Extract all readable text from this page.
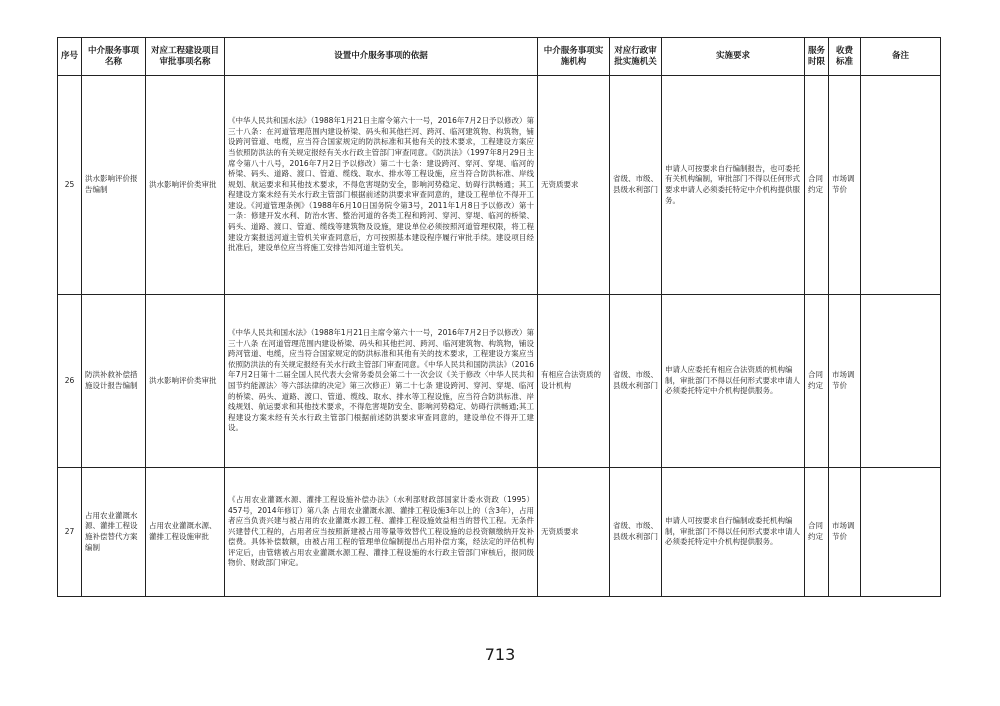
序号	中介服务事项名称	对应工程建设项目审批事项名称	设置中介服务事项的依据	中介服务事项实施机构	对应行政审批实施机关	实施要求	服务时限	收费标准	备注
25	洪水影响评价报告编制	洪水影响评价类审批	《中华人民共和国水法》（1988年1月21日主席令第六十一号，2016年7月2日予以修改）第三十八条：在河道管理范围内建设桥梁、码头和其他拦河、跨河、临河建筑物、构筑物，铺设跨河管道、电缆，应当符合国家规定的防洪标准和其他有关的技术要求，工程建设方案应当依照防洪法的有关规定报经有关水行政主管部门审查同意。《防洪法》（1997年8月29日主席令第八十八号，2016年7月2日予以修改）第二十七条：建设跨河、穿河、穿堤、临河的桥梁、码头、道路、渡口、管道、缆线、取水、排水等工程设施，应当符合防洪标准、岸线规划、航运要求和其他技术要求，不得危害堤防安全，影响河势稳定、妨碍行洪畅通；其工程建设方案未经有关水行政主管部门根据前述防洪要求审查同意的，建设工程单位不得开工建设。《河道管理条例》（1988年6月10日国务院令第3号，2011年1月8日予以修改）第十一条：修建开发水利、防治水害、整治河道的各类工程和跨河、穿河、穿堤、临河的桥梁、码头、道路、渡口、管道、缆线等建筑物及设施，建设单位必须按照河道管理权限，将工程建设方案报送河道主管机关审查同意后，方可按照基本建设程序履行审批手续。建设项目经批准后，建设单位应当将施工安排告知河道主管机关。	无资质要求	省级、市级、县级水利部门	申请人可按要求自行编制报告，也可委托有关机构编制，审批部门不得以任何形式要求申请人必须委托特定中介机构提供服务。	合同约定	市场调节价	
26	防洪补救补偿措施设计报告编制	洪水影响评价类审批	《中华人民共和国水法》（1988年1月21日主席令第六十一号，2016年7月2日予以修改）第三十八条 在河道管理范围内建设桥梁、码头和其他拦河、跨河、临河建筑物、构筑物，铺设跨河管道、电缆，应当符合国家规定的防洪标准和其他有关的技术要求，工程建设方案应当依照防洪法的有关规定报经有关水行政主管部门审查同意。《中华人民共和国防洪法》（2016年7月2日第十二届全国人民代表大会常务委员会第二十一次会议《关于修改〈中华人民共和国节约能源法〉等六部法律的决定》第三次修正）第二十七条 建设跨河、穿河、穿堤、临河的桥梁、码头、道路、渡口、管道、缆线、取水、排水等工程设施，应当符合防洪标准、岸线规划、航运要求和其他技术要求，不得危害堤防安全、影响河势稳定、妨碍行洪畅通;其工程建设方案未经有关水行政主管部门根据前述防洪要求审查同意的，建设单位不得开工建设。	有相应合法资质的设计机构	省级、市级、县级水利部门	申请人应委托有相应合法资质的机构编制，审批部门不得以任何形式要求申请人必须委托特定中介机构提供服务。	合同约定	市场调节价	
27	占用农业灌溉水源、灌排工程设施补偿替代方案编制	占用农业灌溉水源、灌排工程设施审批	《占用农业灌溉水源、灌排工程设施补偿办法》（水利部财政部国家计委水资政（1995）457号，2014年修订）第八条 占用农业灌溉水源、灌排工程设施3年以上的（含3年），占用者应当负责兴建与被占用的农业灌溉水源工程、灌排工程设施效益相当的替代工程。无条件兴建替代工程的，占用者应当按照新建被占用等量等效替代工程设施的总投资额缴纳开发补偿费。具体补偿数额，由被占用工程的管理单位编制提出占用补偿方案，经法定的评估机构评定后，由管辖被占用农业灌溉水源工程、灌排工程设施的水行政主管部门审核后，报同级物价、财政部门审定。	无资质要求	省级、市级、县级水利部门	申请人可按要求自行编制或委托机构编制，审批部门不得以任何形式要求申请人必须委托特定中介机构提供服务。	合同约定	市场调节价	
713
